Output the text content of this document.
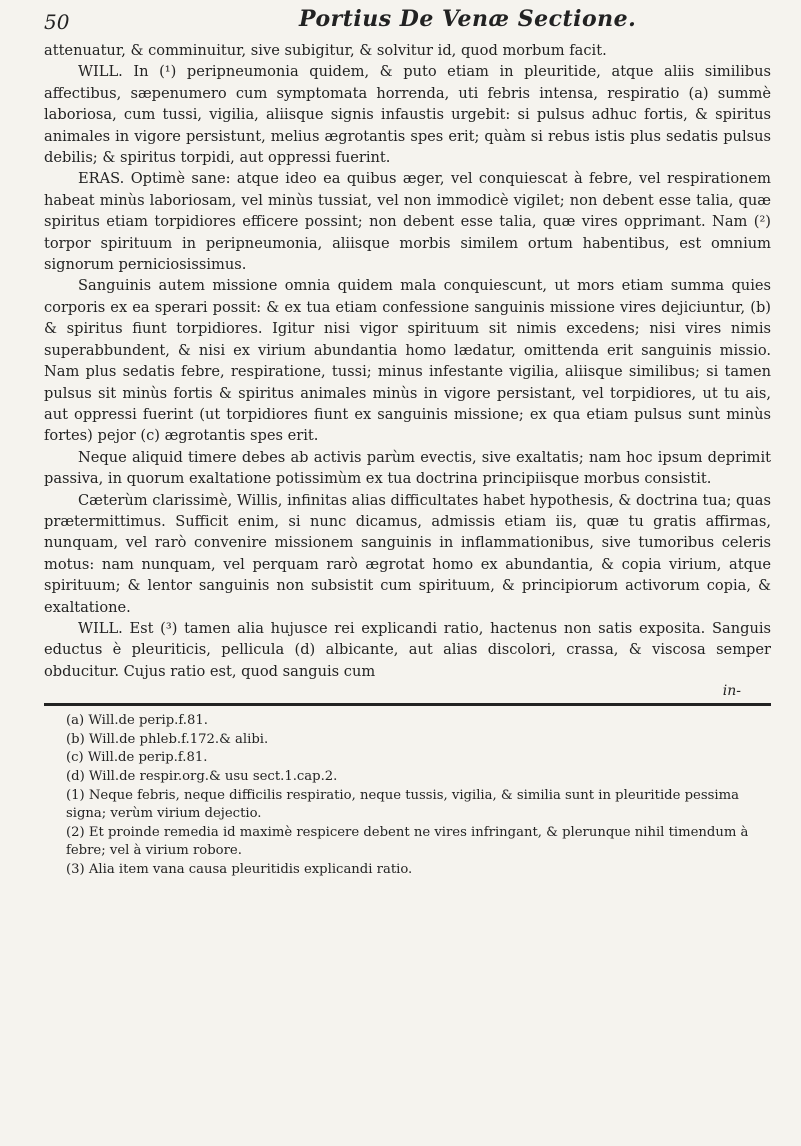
50	Portius De Venæ Sectione.

attenuatur, & comminuitur, sive subigitur, & solvitur id, quod morbum facit.

WILL. In (¹) peripneumonia quidem, & puto etiam in pleuritide, atque aliis similibus affectibus, sæpenumero cum symptomata horrenda, uti febris intensa, respiratio (a) summè laboriosa, cum tussi, vigilia, aliisque signis infaustis urgebit: si pulsus adhuc fortis, & spiritus animales in vigore persistunt, melius ægrotantis spes erit; quàm si rebus istis plus sedatis pulsus debilis; & spiritus torpidi, aut oppressi fuerint.

ERAS. Optimè sane: atque ideo ea quibus æger, vel conquiescat à febre, vel respirationem habeat minùs laboriosam, vel minùs tussiat, vel non immodicè vigilet; non debent esse talia, quæ spiritus etiam torpidiores efficere possint; non debent esse talia, quæ vires opprimant. Nam (²) torpor spirituum in peripneumonia, aliisque morbis similem ortum habentibus, est omnium signorum perniciosissimus.

Sanguinis autem missione omnia quidem mala conquiescunt, ut mors etiam summa quies corporis ex ea sperari possit: & ex tua etiam confessione sanguinis missione vires dejiciuntur, (b) & spiritus fiunt torpidiores. Igitur nisi vigor spirituum sit nimis excedens; nisi vires nimis superabbundent, & nisi ex virium abundantia homo lædatur, omittenda erit sanguinis missio. Nam plus sedatis febre, respiratione, tussi; minus infestante vigilia, aliisque similibus; si tamen pulsus sit minùs fortis & spiritus animales minùs in vigore persistant, vel torpidiores, ut tu ais, aut oppressi fuerint (ut torpidiores fiunt ex sanguinis missione; ex qua etiam pulsus sunt minùs fortes) pejor (c) ægrotantis spes erit.

Neque aliquid timere debes ab activis parùm evectis, sive exaltatis; nam hoc ipsum deprimit passiva, in quorum exaltatione potissimùm ex tua doctrina principiisque morbus consistit.

Cæterùm clarissimè, Willis, infinitas alias difficultates habet hypothesis, & doctrina tua; quas prætermittimus. Sufficit enim, si nunc dicamus, admissis etiam iis, quæ tu gratis affirmas, nunquam, vel rarò convenire missionem sanguinis in inflammationibus, sive tumoribus celeris motus: nam nunquam, vel perquam rarò ægrotat homo ex abundantia, & copia virium, atque spirituum; & lentor sanguinis non subsistit cum spirituum, & principiorum activorum copia, & exaltatione.

WILL. Est (³) tamen alia hujusce rei explicandi ratio, hactenus non satis exposita. Sanguis eductus è pleuriticis, pellicula (d) albicante, aut alias discolori, crassa, & viscosa semper obducitur. Cujus ratio est, quod sanguis cum

in-
(a) Will.de perip.f.81.
(b) Will.de phleb.f.172.& alibi.
(c) Will.de perip.f.81.
(d) Will.de respir.org.& usu sect.1.cap.2.
(1) Neque febris, neque difficilis respiratio, neque tussis, vigilia, & similia sunt in pleuritide pessima signa; verùm virium dejectio.
(2) Et proinde remedia id maximè respicere debent ne vires infringant, & plerunque nihil timendum à febre; vel à virium robore.
(3) Alia item vana causa pleuritidis explicandi ratio.
